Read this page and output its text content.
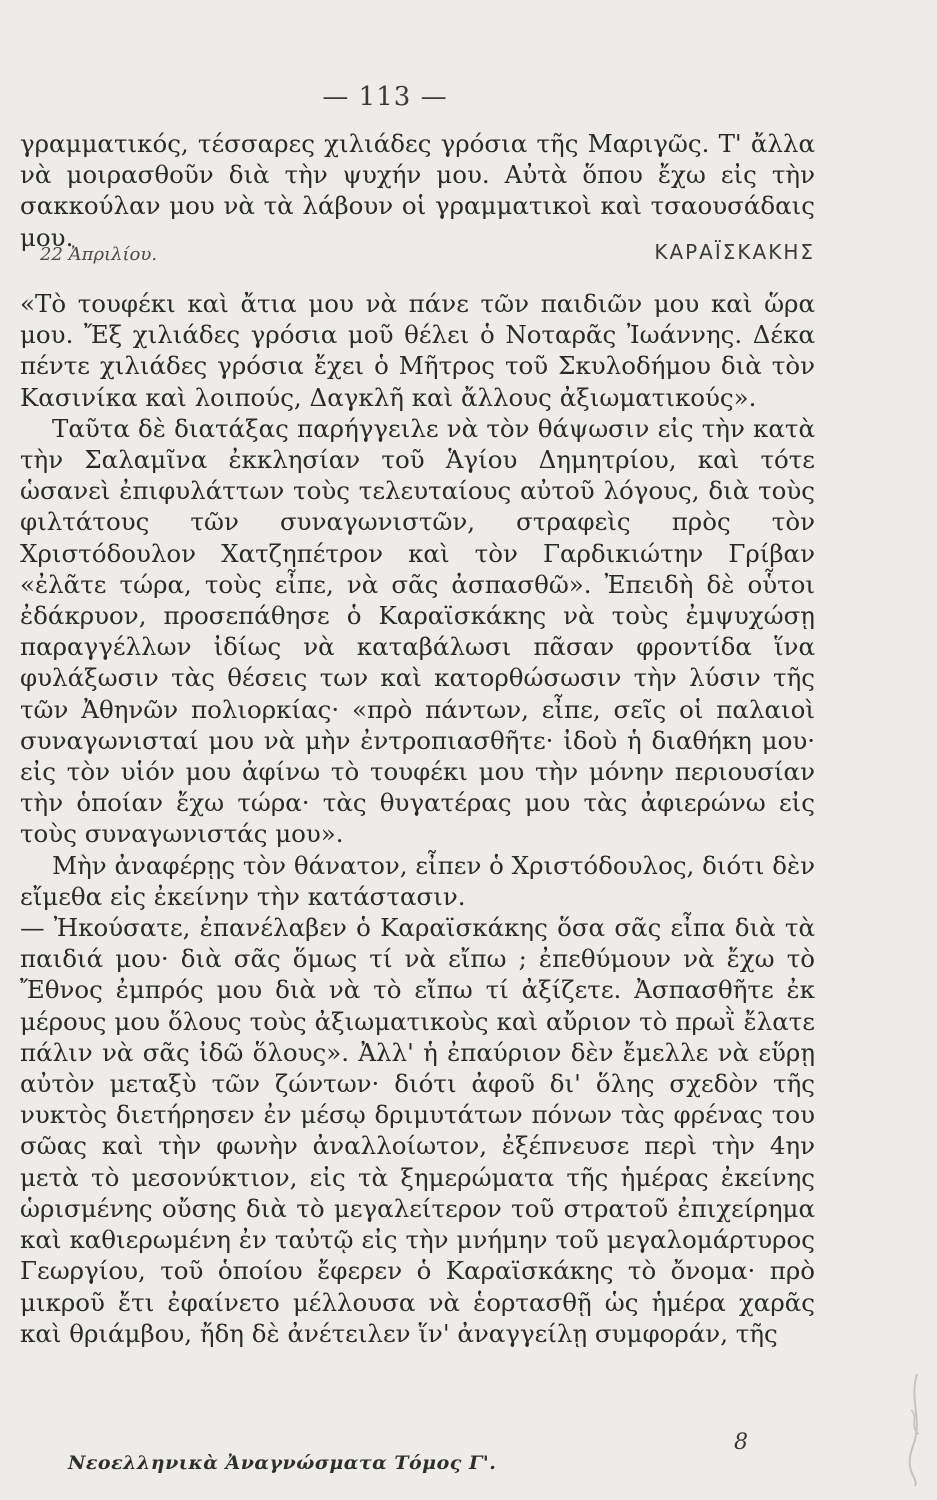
— 113 —

γραμματικός, τέσσαρες χιλιάδες γρόσια τῆς Μαριγῶς. Τ' ἄλλα νὰ μοιρασθοῦν διὰ τὴν ψυχήν μου. Αὐτὰ ὅπου ἔχω εἰς τὴν σακκούλαν μου νὰ τὰ λάβουν οἱ γραμματικοὶ καὶ τσαουσάδαις μου.

22 Ἀπριλίου.	ΚΑΡΑΪΣΚΑΚΗΣ

«Τὸ τουφέκι καὶ ἄτια μου νὰ πάνε τῶν παιδιῶν μου καὶ ὥρα μου. Ἔξ χιλιάδες γρόσια μοῦ θέλει ὁ Νοταρᾶς Ἰωάννης. Δέκα πέντε χιλιάδες γρόσια ἔχει ὁ Μῆτρος τοῦ Σκυλοδήμου διὰ τὸν Κασινίκα καὶ λοιπούς, Δαγκλῆ καὶ ἄλλους ἀξιωματικούς».

Ταῦτα δὲ διατάξας παρήγγειλε νὰ τὸν θάψωσιν εἰς τὴν κατὰ τὴν Σαλαμῖνα ἐκκλησίαν τοῦ Ἁγίου Δημητρίου, καὶ τότε ὡσανεὶ ἐπιφυλάττων τοὺς τελευταίους αὐτοῦ λόγους, διὰ τοὺς φιλτάτους τῶν συναγωνιστῶν, στραφεὶς πρὸς τὸν Χριστόδουλον Χατζηπέτρον καὶ τὸν Γαρδικιώτην Γρίβαν «ἐλᾶτε τώρα, τοὺς εἶπε, νὰ σᾶς ἀσπασθῶ». Ἐπειδὴ δὲ οὗτοι ἐδάκρυον, προσεπάθησε ὁ Καραϊσκάκης νὰ τοὺς ἐμψυχώσῃ παραγγέλλων ἰδίως νὰ καταβάλωσι πᾶσαν φροντίδα ἵνα φυλάξωσιν τὰς θέσεις των καὶ κατορθώσωσιν τὴν λύσιν τῆς τῶν Ἀθηνῶν πολιορκίας· «πρὸ πάντων, εἶπε, σεῖς οἱ παλαιοὶ συναγωνισταί μου νὰ μὴν ἐντροπιασθῆτε· ἰδοὺ ἡ διαθήκη μου· εἰς τὸν υἱόν μου ἀφίνω τὸ τουφέκι μου τὴν μόνην περιουσίαν τὴν ὁποίαν ἔχω τώρα· τὰς θυγατέρας μου τὰς ἀφιερώνω εἰς τοὺς συναγωνιστάς μου».

Μὴν ἀναφέρῃς τὸν θάνατον, εἶπεν ὁ Χριστόδουλος, διότι δὲν εἴμεθα εἰς ἐκείνην τὴν κατάστασιν.

— Ἠκούσατε, ἐπανέλαβεν ὁ Καραϊσκάκης ὅσα σᾶς εἶπα διὰ τὰ παιδιά μου· διὰ σᾶς ὅμως τί νὰ εἴπω ; ἐπεθύμουν νὰ ἔχω τὸ Ἔθνος ἐμπρός μου διὰ νὰ τὸ εἴπω τί ἀξίζετε. Ἀσπασθῆτε ἐκ μέρους μου ὅλους τοὺς ἀξιωματικοὺς καὶ αὔριον τὸ πρωῒ ἔλατε πάλιν νὰ σᾶς ἰδῶ ὅλους». Ἀλλ' ἡ ἐπαύριον δὲν ἔμελλε νὰ εὕρῃ αὐτὸν μεταξὺ τῶν ζώντων· διότι ἀφοῦ δι' ὅλης σχεδὸν τῆς νυκτὸς διετήρησεν ἐν μέσῳ δριμυτάτων πόνων τὰς φρένας του σῶας καὶ τὴν φωνὴν ἀναλλοίωτον, ἐξέπνευσε περὶ τὴν 4ην μετὰ τὸ μεσονύκτιον, εἰς τὰ ξημερώματα τῆς ἡμέρας ἐκείνης ὡρισμένης οὔσης διὰ τὸ μεγαλείτερον τοῦ στρατοῦ ἐπιχείρημα καὶ καθιερωμένη ἐν ταὐτῷ εἰς τὴν μνήμην τοῦ μεγαλομάρτυρος Γεωργίου, τοῦ ὁποίου ἔφερεν ὁ Καραϊσκάκης τὸ ὄνομα· πρὸ μικροῦ ἔτι ἐφαίνετο μέλλουσα νὰ ἑορτασθῇ ὡς ἡμέρα χαρᾶς καὶ θριάμβου, ἤδη δὲ ἀνέτειλεν ἵν' ἀναγγείλῃ συμφοράν, τῆς

Νεοελληνικὰ Ἀναγνώσματα Τόμος Γ'.
8
